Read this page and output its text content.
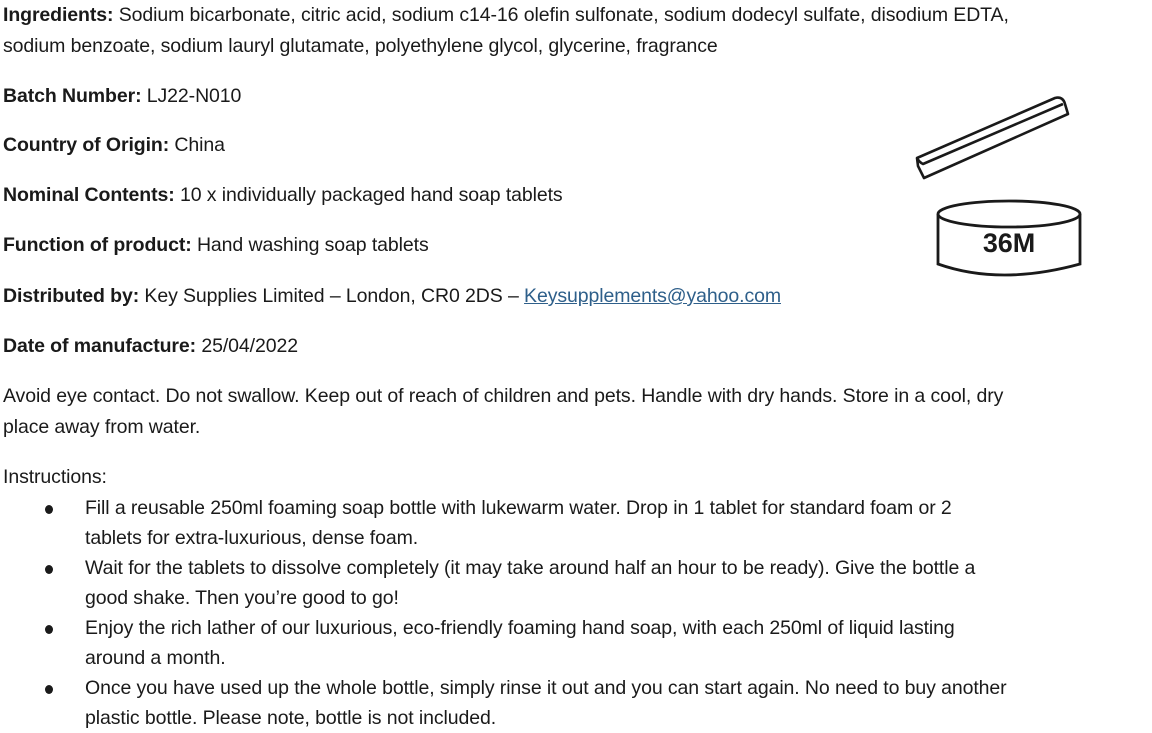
Ingredients: Sodium bicarbonate, citric acid, sodium c14-16 olefin sulfonate, sodium dodecyl sulfate, disodium EDTA,
sodium benzoate, sodium lauryl glutamate, polyethylene glycol, glycerine, fragrance
Batch Number: LJ22-N010
Country of Origin: China
Nominal Contents: 10 x individually packaged hand soap tablets
Function of product: Hand washing soap tablets
Distributed by: Key Supplies Limited – London, CR0 2DS – Keysupplements@yahoo.com
Date of manufacture: 25/04/2022
Avoid eye contact. Do not swallow. Keep out of reach of children and pets. Handle with dry hands. Store in a cool, dry
place away from water.
Instructions:
Fill a reusable 250ml foaming soap bottle with lukewarm water. Drop in 1 tablet for standard foam or 2
tablets for extra-luxurious, dense foam.
Wait for the tablets to dissolve completely (it may take around half an hour to be ready). Give the bottle a
good shake. Then you’re good to go!
Enjoy the rich lather of our luxurious, eco-friendly foaming hand soap, with each 250ml of liquid lasting
around a month.
Once you have used up the whole bottle, simply rinse it out and you can start again. No need to buy another
plastic bottle. Please note, bottle is not included.
36M
